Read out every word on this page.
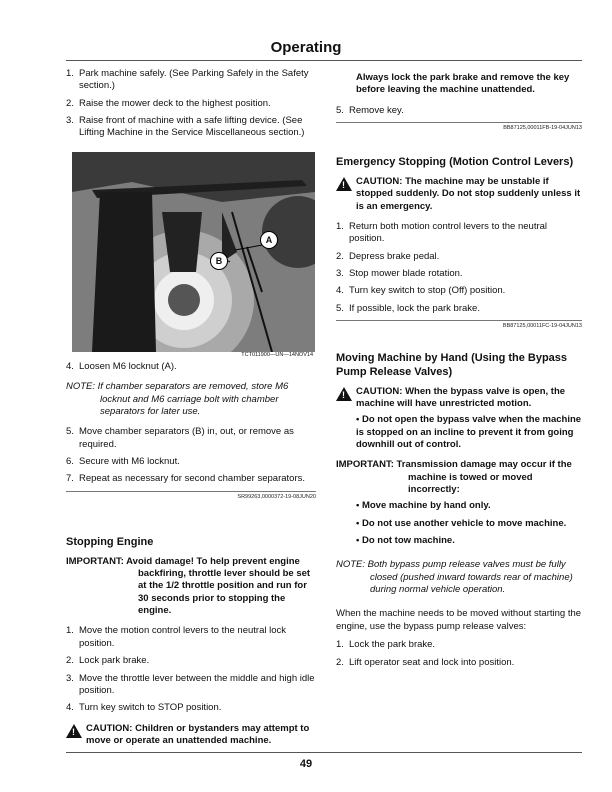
Operating
1. Park machine safely. (See Parking Safely in the Safety section.)
2. Raise the mower deck to the highest position.
3. Raise front of machine with a safe lifting device. (See Lifting Machine in the Service Miscellaneous section.)
A
B
TCT011900—UN—14NOV14
4. Loosen M6 locknut (A).
NOTE: If chamber separators are removed, store M6 locknut and M6 carriage bolt with chamber separators for later use.
5. Move chamber separators (B) in, out, or remove as required.
6. Secure with M6 locknut.
7. Repeat as necessary for second chamber separators.
SR99263,0000372-19-08JUN20
Stopping Engine
IMPORTANT: Avoid damage! To help prevent engine backfiring, throttle lever should be set at the 1/2 throttle position and run for 30 seconds prior to stopping the engine.
1. Move the motion control levers to the neutral lock position.
2. Lock park brake.
3. Move the throttle lever between the middle and high idle position.
4. Turn key switch to STOP position.
!
CAUTION: Children or bystanders may attempt to move or operate an unattended machine.
Always lock the park brake and remove the key before leaving the machine unattended.
5. Remove key.
BB87125,00011FB-19-04JUN13
Emergency Stopping (Motion Control Levers)
!
CAUTION: The machine may be unstable if stopped suddenly. Do not stop suddenly unless it is an emergency.
1. Return both motion control levers to the neutral position.
2. Depress brake pedal.
3. Stop mower blade rotation.
4. Turn key switch to stop (Off) position.
5. If possible, lock the park brake.
BB87125,00011FC-19-04JUN13
Moving Machine by Hand (Using the Bypass Pump Release Valves)
!
CAUTION: When the bypass valve is open, the machine will have unrestricted motion.
• Do not open the bypass valve when the machine is stopped on an incline to prevent it from going downhill out of control.
IMPORTANT: Transmission damage may occur if the machine is towed or moved incorrectly:
• Move machine by hand only.
• Do not use another vehicle to move machine.
• Do not tow machine.
NOTE: Both bypass pump release valves must be fully closed (pushed inward towards rear of machine) during normal vehicle operation.
When the machine needs to be moved without starting the engine, use the bypass pump release valves:
1. Lock the park brake.
2. Lift operator seat and lock into position.
49
